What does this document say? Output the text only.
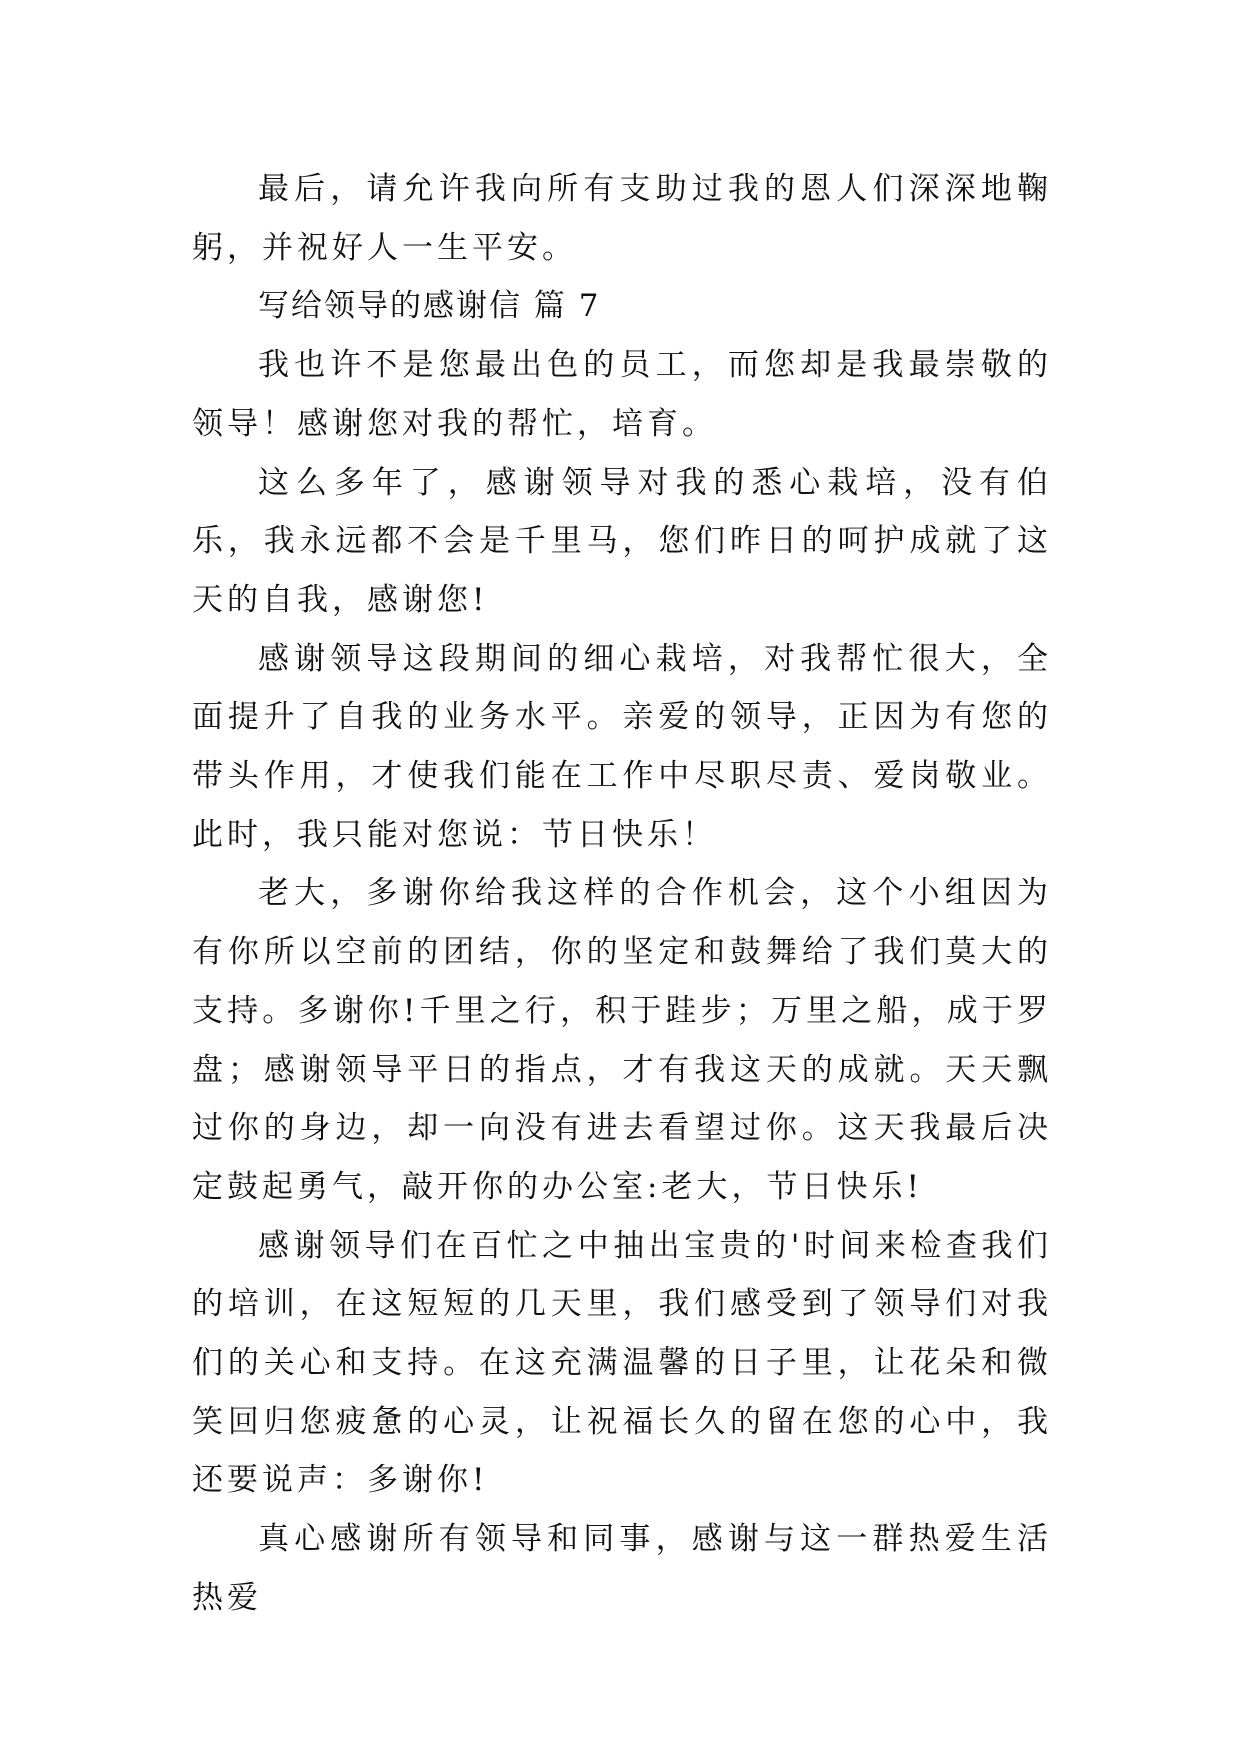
最后，请允许我向所有支助过我的恩人们深深地鞠躬，并祝好人一生平安。

写给领导的感谢信 篇 7

我也许不是您最出色的员工，而您却是我最崇敬的领导！感谢您对我的帮忙，培育。

这么多年了，感谢领导对我的悉心栽培，没有伯乐，我永远都不会是千里马，您们昨日的呵护成就了这天的自我，感谢您!

感谢领导这段期间的细心栽培，对我帮忙很大，全面提升了自我的业务水平。亲爱的领导，正因为有您的带头作用，才使我们能在工作中尽职尽责、爱岗敬业。此时，我只能对您说：节日快乐！

老大，多谢你给我这样的合作机会，这个小组因为有你所以空前的团结，你的坚定和鼓舞给了我们莫大的支持。多谢你!千里之行，积于跬步；万里之船，成于罗盘；感谢领导平日的指点，才有我这天的成就。天天飘过你的身边，却一向没有进去看望过你。这天我最后决定鼓起勇气，敲开你的办公室:老大，节日快乐!

感谢领导们在百忙之中抽出宝贵的'时间来检查我们的培训，在这短短的几天里，我们感受到了领导们对我们的关心和支持。在这充满温馨的日子里，让花朵和微笑回归您疲惫的心灵，让祝福长久的留在您的心中，我还要说声：多谢你!

真心感谢所有领导和同事，感谢与这一群热爱生活热爱
